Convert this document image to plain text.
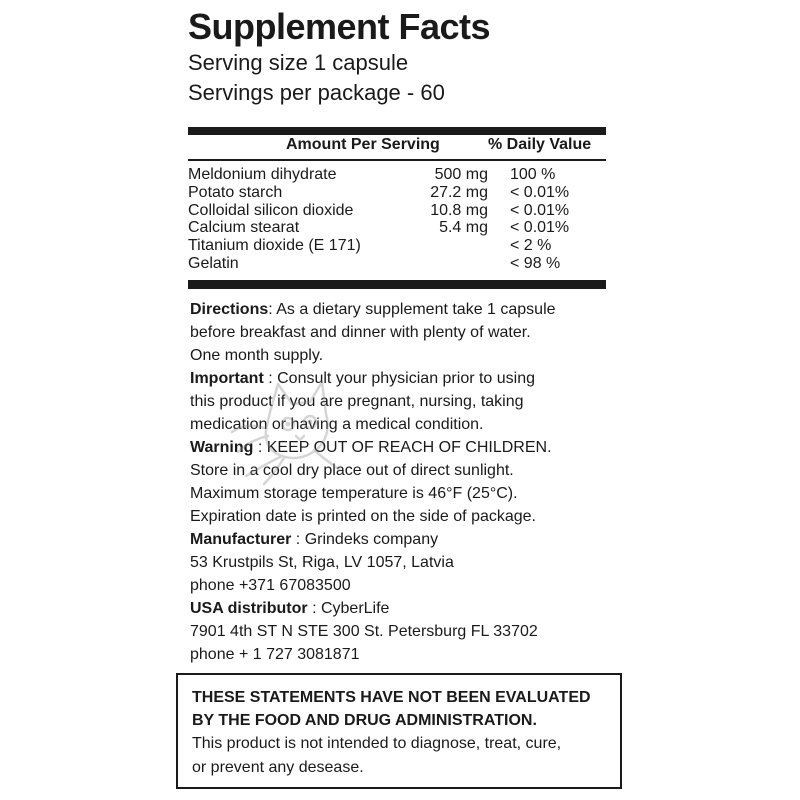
Supplement Facts
Serving size 1 capsule
Servings per package - 60
Amount Per Serving	% Daily Value
Meldonium dihydrate	500 mg 100 %
Potato starch	27.2 mg < 0.01%
Colloidal silicon dioxide	10.8 mg < 0.01%
Calcium stearat	5.4 mg < 0.01%
Titanium dioxide (E 171)	< 2 %
Gelatin	< 98 %
Directions: As a dietary supplement take 1 capsule
before breakfast and dinner with plenty of water.
One month supply.
Important : Consult your physician prior to using
this product if you are pregnant, nursing, taking
medication or having a medical condition.
Warning : KEEP OUT OF REACH OF CHILDREN.
Store in a cool dry place out of direct sunlight.
Maximum storage temperature is 46°F (25°C).
Expiration date is printed on the side of package.
Manufacturer : Grindeks company
53 Krustpils St, Riga, LV 1057, Latvia
phone +371 67083500
USA distributor : CyberLife
7901 4th ST N STE 300 St. Petersburg FL 33702
phone + 1 727 3081871
THESE STATEMENTS HAVE NOT BEEN EVALUATED
BY THE FOOD AND DRUG ADMINISTRATION.
This product is not intended to diagnose, treat, cure,
or prevent any desease.
